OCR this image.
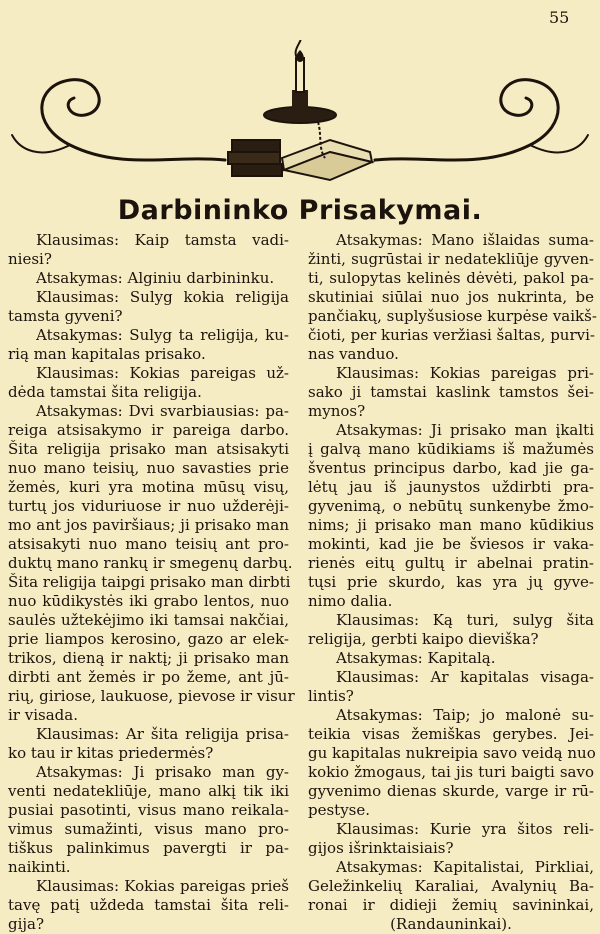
55
Darbininko Prisakymai.
Klausimas: Kaip tamsta vadi-
niesi?
Atsakymas: Alginiu darbininku.
Klausimas: Sulyg kokia religija
tamsta gyveni?
Atsakymas: Sulyg ta religija, ku-
rią man kapitalas prisako.
Klausimas: Kokias pareigas už-
dėda tamstai šita religija.
Atsakymas: Dvi svarbiausias: pa-
reiga atsisakymo ir pareiga darbo.
Šita religija prisako man atsisakyti
nuo mano teisių, nuo savasties prie
žemės, kuri yra motina mūsų visų,
turtų jos viduriuose ir nuo užderėji-
mo ant jos paviršiaus; ji prisako man
atsisakyti nuo mano teisių ant pro-
duktų mano rankų ir smegenų darbų.
Šita religija taipgi prisako man dirbti
nuo kūdikystės iki grabo lentos, nuo
saulės užtekėjimo iki tamsai nakčiai,
prie liampos kerosino, gazo ar elek-
trikos, dieną ir naktį; ji prisako man
dirbti ant žemės ir po žeme, ant jū-
rių, giriose, laukuose, pievose ir visur
ir visada.
Klausimas: Ar šita religija prisa-
ko tau ir kitas priedermės?
Atsakymas: Ji prisako man gy-
venti nedatekliūje, mano alkį tik iki
pusiai pasotinti, visus mano reikala-
vimus sumažinti, visus mano pro-
tiškus palinkimus pavergti ir pa-
naikinti.
Klausimas: Kokias pareigas prieš
tavę patį uždeda tamstai šita reli-
gija?
Atsakymas: Mano išlaidas suma-
žinti, sugrūstai ir nedatekliūje gyven-
ti, sulopytas kelinės dėvėti, pakol pa-
skutiniai siūlai nuo jos nukrinta, be
pančiakų, suplyšusiose kurpėse vaikš-
čioti, per kurias veržiasi šaltas, purvi-
nas vanduo.
Klausimas: Kokias pareigas pri-
sako ji tamstai kaslink tamstos šei-
mynos?
Atsakymas: Ji prisako man įkalti
į galvą mano kūdikiams iš mažumės
šventus principus darbo, kad jie ga-
lėtų jau iš jaunystos uždirbti pra-
gyvenimą, o nebūtų sunkenybe žmo-
nims; ji prisako man mano kūdikius
mokinti, kad jie be šviesos ir vaka-
rienės eitų gultų ir abelnai pratin-
tųsi prie skurdo, kas yra jų gyve-
nimo dalia.
Klausimas: Ką turi, sulyg šita
religija, gerbti kaipo dieviška?
Atsakymas: Kapitalą.
Klausimas: Ar kapitalas visaga-
lintis?
Atsakymas: Taip; jo malonė su-
teikia visas žemiškas gerybes. Jei-
gu kapitalas nukreipia savo veidą nuo
kokio žmogaus, tai jis turi baigti savo
gyvenimo dienas skurde, varge ir rū-
pestyse.
Klausimas: Kurie yra šitos reli-
gijos išrinktaisiais?
Atsakymas: Kapitalistai, Pirkliai,
Geležinkelių Karaliai, Avalynių Ba-
ronai ir didieji žemių savininkai,
(Randauninkai).
